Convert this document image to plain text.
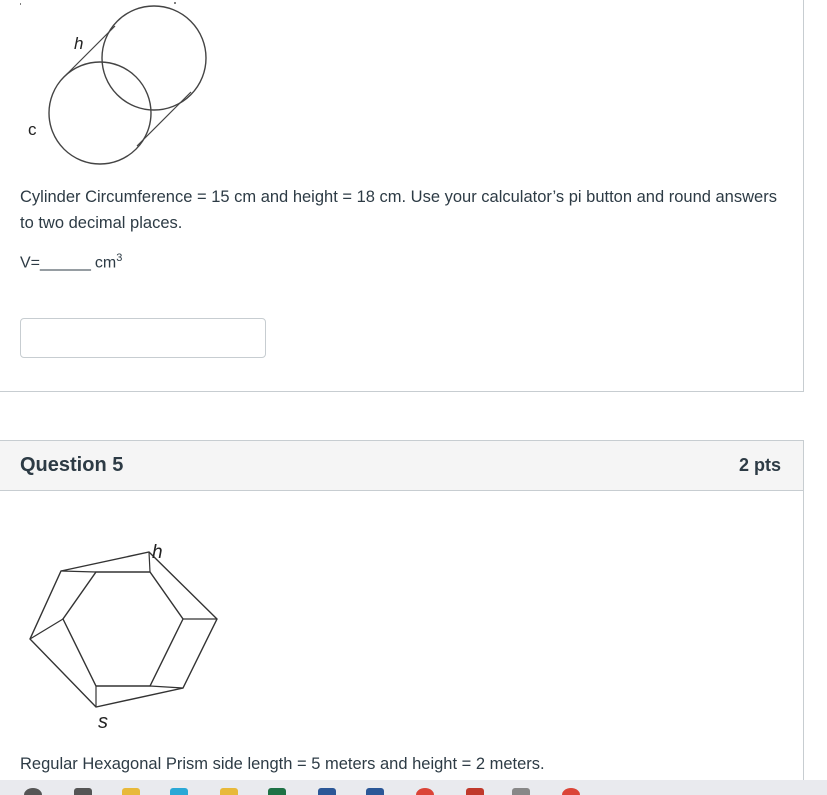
h
c
Cylinder Circumference = 15 cm and height = 18 cm. Use your calculator’s pi button and round answers to two decimal places.
V=______ $cm^3$
Question 5	2 pts
h
s
Regular Hexagonal Prism side length = 5 meters and height = 2 meters.
